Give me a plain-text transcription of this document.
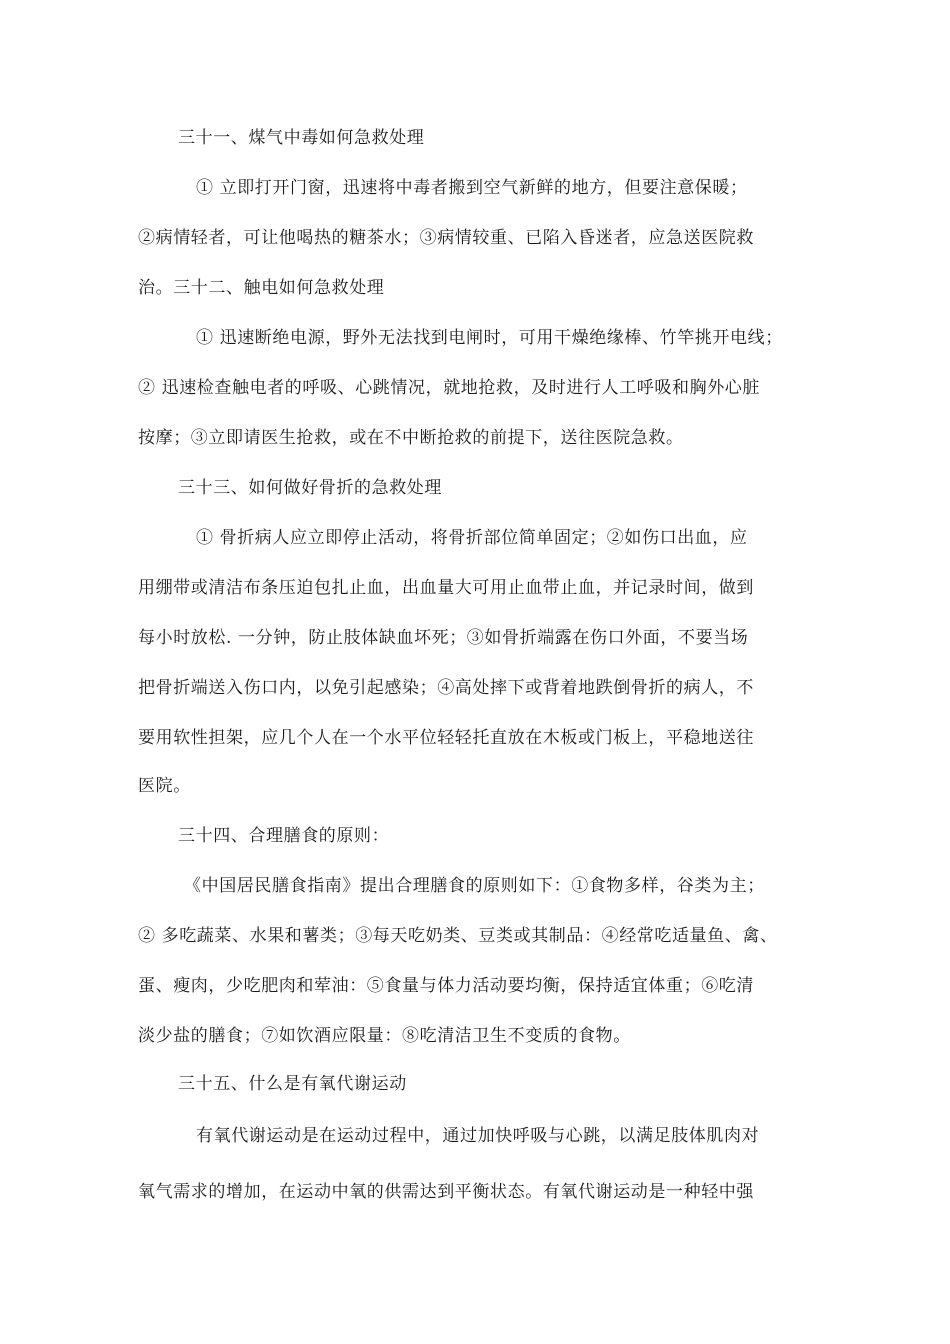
三十一、煤气中毒如何急救处理

① 立即打开门窗，迅速将中毒者搬到空气新鲜的地方，但要注意保暖；

②病情轻者，可让他喝热的糖茶水；③病情较重、已陷入昏迷者，应急送医院救

治。三十二、触电如何急救处理

① 迅速断绝电源，野外无法找到电闸时，可用干燥绝缘棒、竹竿挑开电线；

② 迅速检查触电者的呼吸、心跳情况，就地抢救，及时进行人工呼吸和胸外心脏

按摩；③立即请医生抢救，或在不中断抢救的前提下，送往医院急救。

三十三、如何做好骨折的急救处理

① 骨折病人应立即停止活动，将骨折部位简单固定；②如伤口出血，应

用绷带或清洁布条压迫包扎止血，出血量大可用止血带止血，并记录时间，做到

每小时放松. 一分钟，防止肢体缺血坏死；③如骨折端露在伤口外面，不要当场

把骨折端送入伤口内，以免引起感染；④高处摔下或背着地跌倒骨折的病人，不

要用软性担架，应几个人在一个水平位轻轻托直放在木板或门板上，平稳地送往

医院。

三十四、合理膳食的原则：

《中国居民膳食指南》提出合理膳食的原则如下：①食物多样，谷类为主；

② 多吃蔬菜、水果和薯类；③每天吃奶类、豆类或其制品：④经常吃适量鱼、禽、

蛋、瘦肉，少吃肥肉和荤油：⑤食量与体力活动要均衡，保持适宜体重；⑥吃清

淡少盐的膳食；⑦如饮酒应限量：⑧吃清洁卫生不变质的食物。

三十五、什么是有氧代谢运动

有氧代谢运动是在运动过程中，通过加快呼吸与心跳，以满足肢体肌肉对

氧气需求的增加，在运动中氧的供需达到平衡状态。有氧代谢运动是一种轻中强
